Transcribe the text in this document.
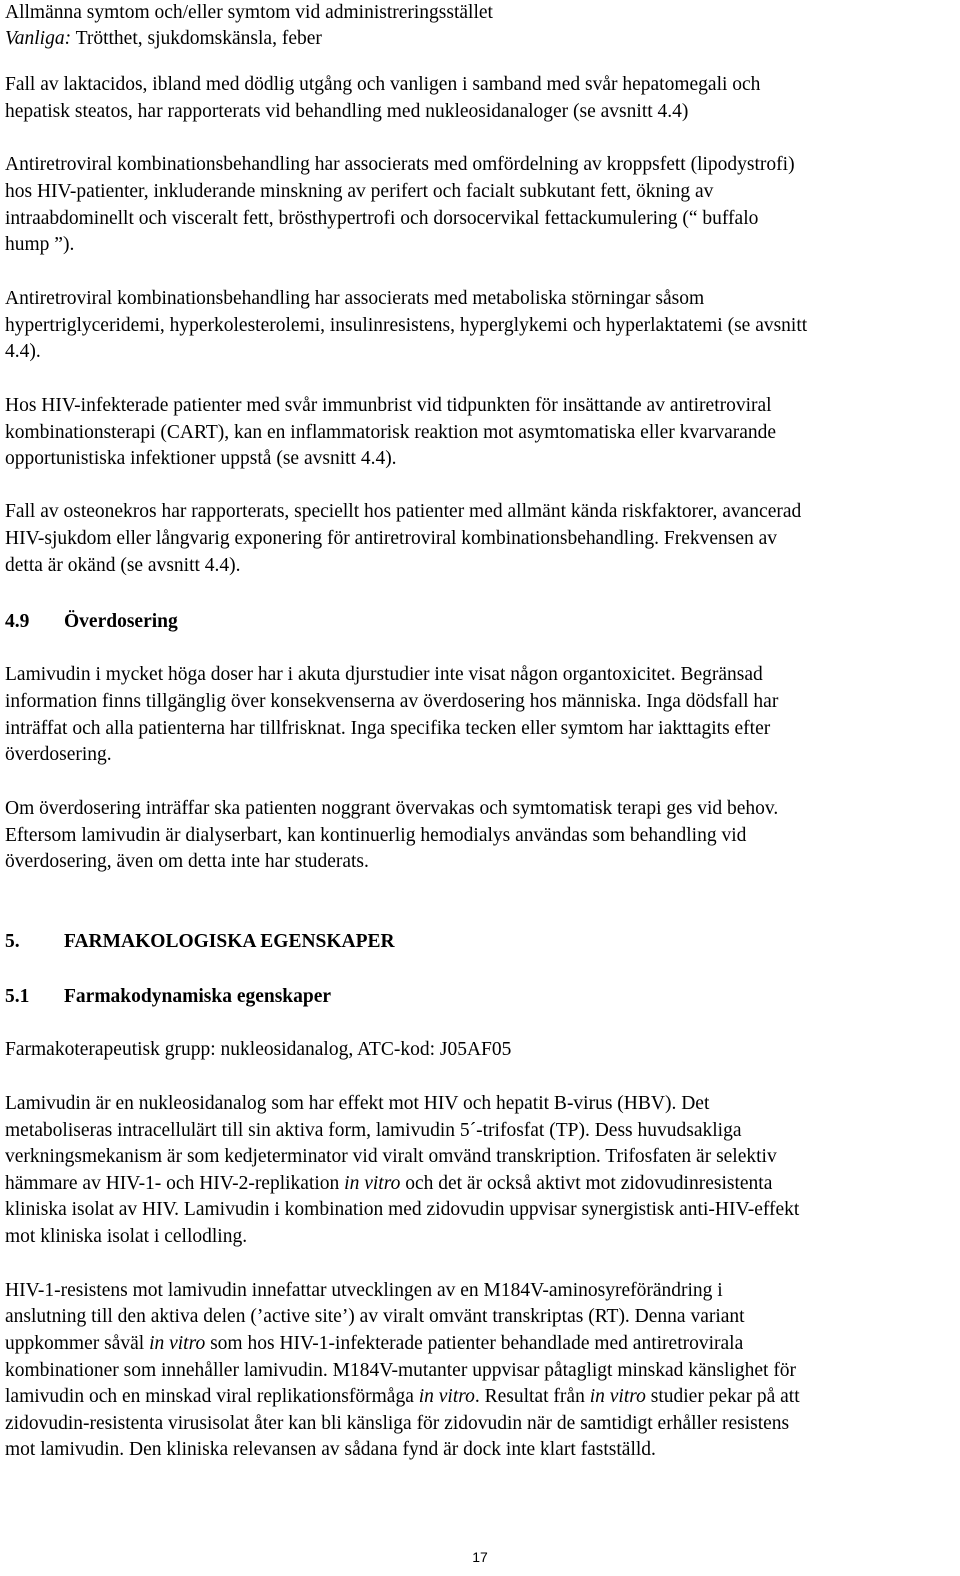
Allmänna symtom och/eller symtom vid administreringsstället
Vanliga: Trötthet, sjukdomskänsla, feber
Fall av laktacidos, ibland med dödlig utgång och vanligen i samband med svår hepatomegali och
hepatisk steatos, har rapporterats vid behandling med nukleosidanaloger (se avsnitt 4.4)
Antiretroviral kombinationsbehandling har associerats med omfördelning av kroppsfett (lipodystrofi)
hos HIV-patienter, inkluderande minskning av perifert och facialt subkutant fett, ökning av
intraabdominellt och visceralt fett, brösthypertrofi och dorsocervikal fettackumulering (“ buffalo
hump ”).
Antiretroviral kombinationsbehandling har associerats med metaboliska störningar såsom
hypertriglyceridemi, hyperkolesterolemi, insulinresistens, hyperglykemi och hyperlaktatemi (se avsnitt
4.4).
Hos HIV-infekterade patienter med svår immunbrist vid tidpunkten för insättande av antiretroviral
kombinationsterapi (CART), kan en inflammatorisk reaktion mot asymtomatiska eller kvarvarande
opportunistiska infektioner uppstå (se avsnitt 4.4).
Fall av osteonekros har rapporterats, speciellt hos patienter med allmänt kända riskfaktorer, avancerad
HIV-sjukdom eller långvarig exponering för antiretroviral kombinationsbehandling. Frekvensen av
detta är okänd (se avsnitt 4.4).
4.9 Överdosering
Lamivudin i mycket höga doser har i akuta djurstudier inte visat någon organtoxicitet. Begränsad
information finns tillgänglig över konsekvenserna av överdosering hos människa. Inga dödsfall har
inträffat och alla patienterna har tillfrisknat. Inga specifika tecken eller symtom har iakttagits efter
överdosering.
Om överdosering inträffar ska patienten noggrant övervakas och symtomatisk terapi ges vid behov.
Eftersom lamivudin är dialyserbart, kan kontinuerlig hemodialys användas som behandling vid
överdosering, även om detta inte har studerats.
5. FARMAKOLOGISKA EGENSKAPER
5.1 Farmakodynamiska egenskaper
Farmakoterapeutisk grupp: nukleosidanalog, ATC-kod: J05AF05
Lamivudin är en nukleosidanalog som har effekt mot HIV och hepatit B-virus (HBV). Det
metaboliseras intracellulärt till sin aktiva form, lamivudin 5´-trifosfat (TP). Dess huvudsakliga
verkningsmekanism är som kedjeterminator vid viralt omvänd transkription. Trifosfaten är selektiv
hämmare av HIV-1- och HIV-2-replikation in vitro och det är också aktivt mot zidovudinresistenta
kliniska isolat av HIV. Lamivudin i kombination med zidovudin uppvisar synergistisk anti-HIV-effekt
mot kliniska isolat i cellodling.
HIV-1-resistens mot lamivudin innefattar utvecklingen av en M184V-aminosyreförändring i
anslutning till den aktiva delen (’active site’) av viralt omvänt transkriptas (RT). Denna variant
uppkommer såväl in vitro som hos HIV-1-infekterade patienter behandlade med antiretrovirala
kombinationer som innehåller lamivudin. M184V-mutanter uppvisar påtagligt minskad känslighet för
lamivudin och en minskad viral replikationsförmåga in vitro. Resultat från in vitro studier pekar på att
zidovudin-resistenta virusisolat åter kan bli känsliga för zidovudin när de samtidigt erhåller resistens
mot lamivudin. Den kliniska relevansen av sådana fynd är dock inte klart fastställd.
17
